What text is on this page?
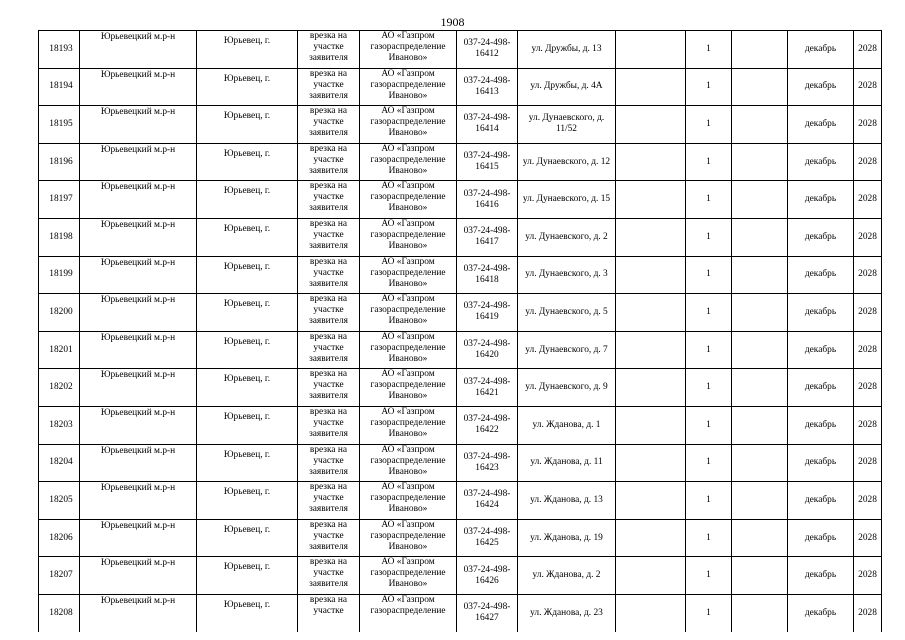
1908
18193	Юрьевецкий м.р-н	Юрьевец, г.	врезка на участке заявителя	АО «Газпром газораспределение Иваново»	037-24-498-16412	ул. Дружбы, д. 13		1		декабрь	2028
18194	Юрьевецкий м.р-н	Юрьевец, г.	врезка на участке заявителя	АО «Газпром газораспределение Иваново»	037-24-498-16413	ул. Дружбы, д. 4А		1		декабрь	2028
18195	Юрьевецкий м.р-н	Юрьевец, г.	врезка на участке заявителя	АО «Газпром газораспределение Иваново»	037-24-498-16414	ул. Дунаевского, д. 11/52		1		декабрь	2028
18196	Юрьевецкий м.р-н	Юрьевец, г.	врезка на участке заявителя	АО «Газпром газораспределение Иваново»	037-24-498-16415	ул. Дунаевского, д. 12		1		декабрь	2028
18197	Юрьевецкий м.р-н	Юрьевец, г.	врезка на участке заявителя	АО «Газпром газораспределение Иваново»	037-24-498-16416	ул. Дунаевского, д. 15		1		декабрь	2028
18198	Юрьевецкий м.р-н	Юрьевец, г.	врезка на участке заявителя	АО «Газпром газораспределение Иваново»	037-24-498-16417	ул. Дунаевского, д. 2		1		декабрь	2028
18199	Юрьевецкий м.р-н	Юрьевец, г.	врезка на участке заявителя	АО «Газпром газораспределение Иваново»	037-24-498-16418	ул. Дунаевского, д. 3		1		декабрь	2028
18200	Юрьевецкий м.р-н	Юрьевец, г.	врезка на участке заявителя	АО «Газпром газораспределение Иваново»	037-24-498-16419	ул. Дунаевского, д. 5		1		декабрь	2028
18201	Юрьевецкий м.р-н	Юрьевец, г.	врезка на участке заявителя	АО «Газпром газораспределение Иваново»	037-24-498-16420	ул. Дунаевского, д. 7		1		декабрь	2028
18202	Юрьевецкий м.р-н	Юрьевец, г.	врезка на участке заявителя	АО «Газпром газораспределение Иваново»	037-24-498-16421	ул. Дунаевского, д. 9		1		декабрь	2028
18203	Юрьевецкий м.р-н	Юрьевец, г.	врезка на участке заявителя	АО «Газпром газораспределение Иваново»	037-24-498-16422	ул. Жданова, д. 1		1		декабрь	2028
18204	Юрьевецкий м.р-н	Юрьевец, г.	врезка на участке заявителя	АО «Газпром газораспределение Иваново»	037-24-498-16423	ул. Жданова, д. 11		1		декабрь	2028
18205	Юрьевецкий м.р-н	Юрьевец, г.	врезка на участке заявителя	АО «Газпром газораспределение Иваново»	037-24-498-16424	ул. Жданова, д. 13		1		декабрь	2028
18206	Юрьевецкий м.р-н	Юрьевец, г.	врезка на участке заявителя	АО «Газпром газораспределение Иваново»	037-24-498-16425	ул. Жданова, д. 19		1		декабрь	2028
18207	Юрьевецкий м.р-н	Юрьевец, г.	врезка на участке заявителя	АО «Газпром газораспределение Иваново»	037-24-498-16426	ул. Жданова, д. 2		1		декабрь	2028
18208	Юрьевецкий м.р-н	Юрьевец, г.	врезка на участке	АО «Газпром газораспределение	037-24-498-16427	ул. Жданова, д. 23		1		декабрь	2028
